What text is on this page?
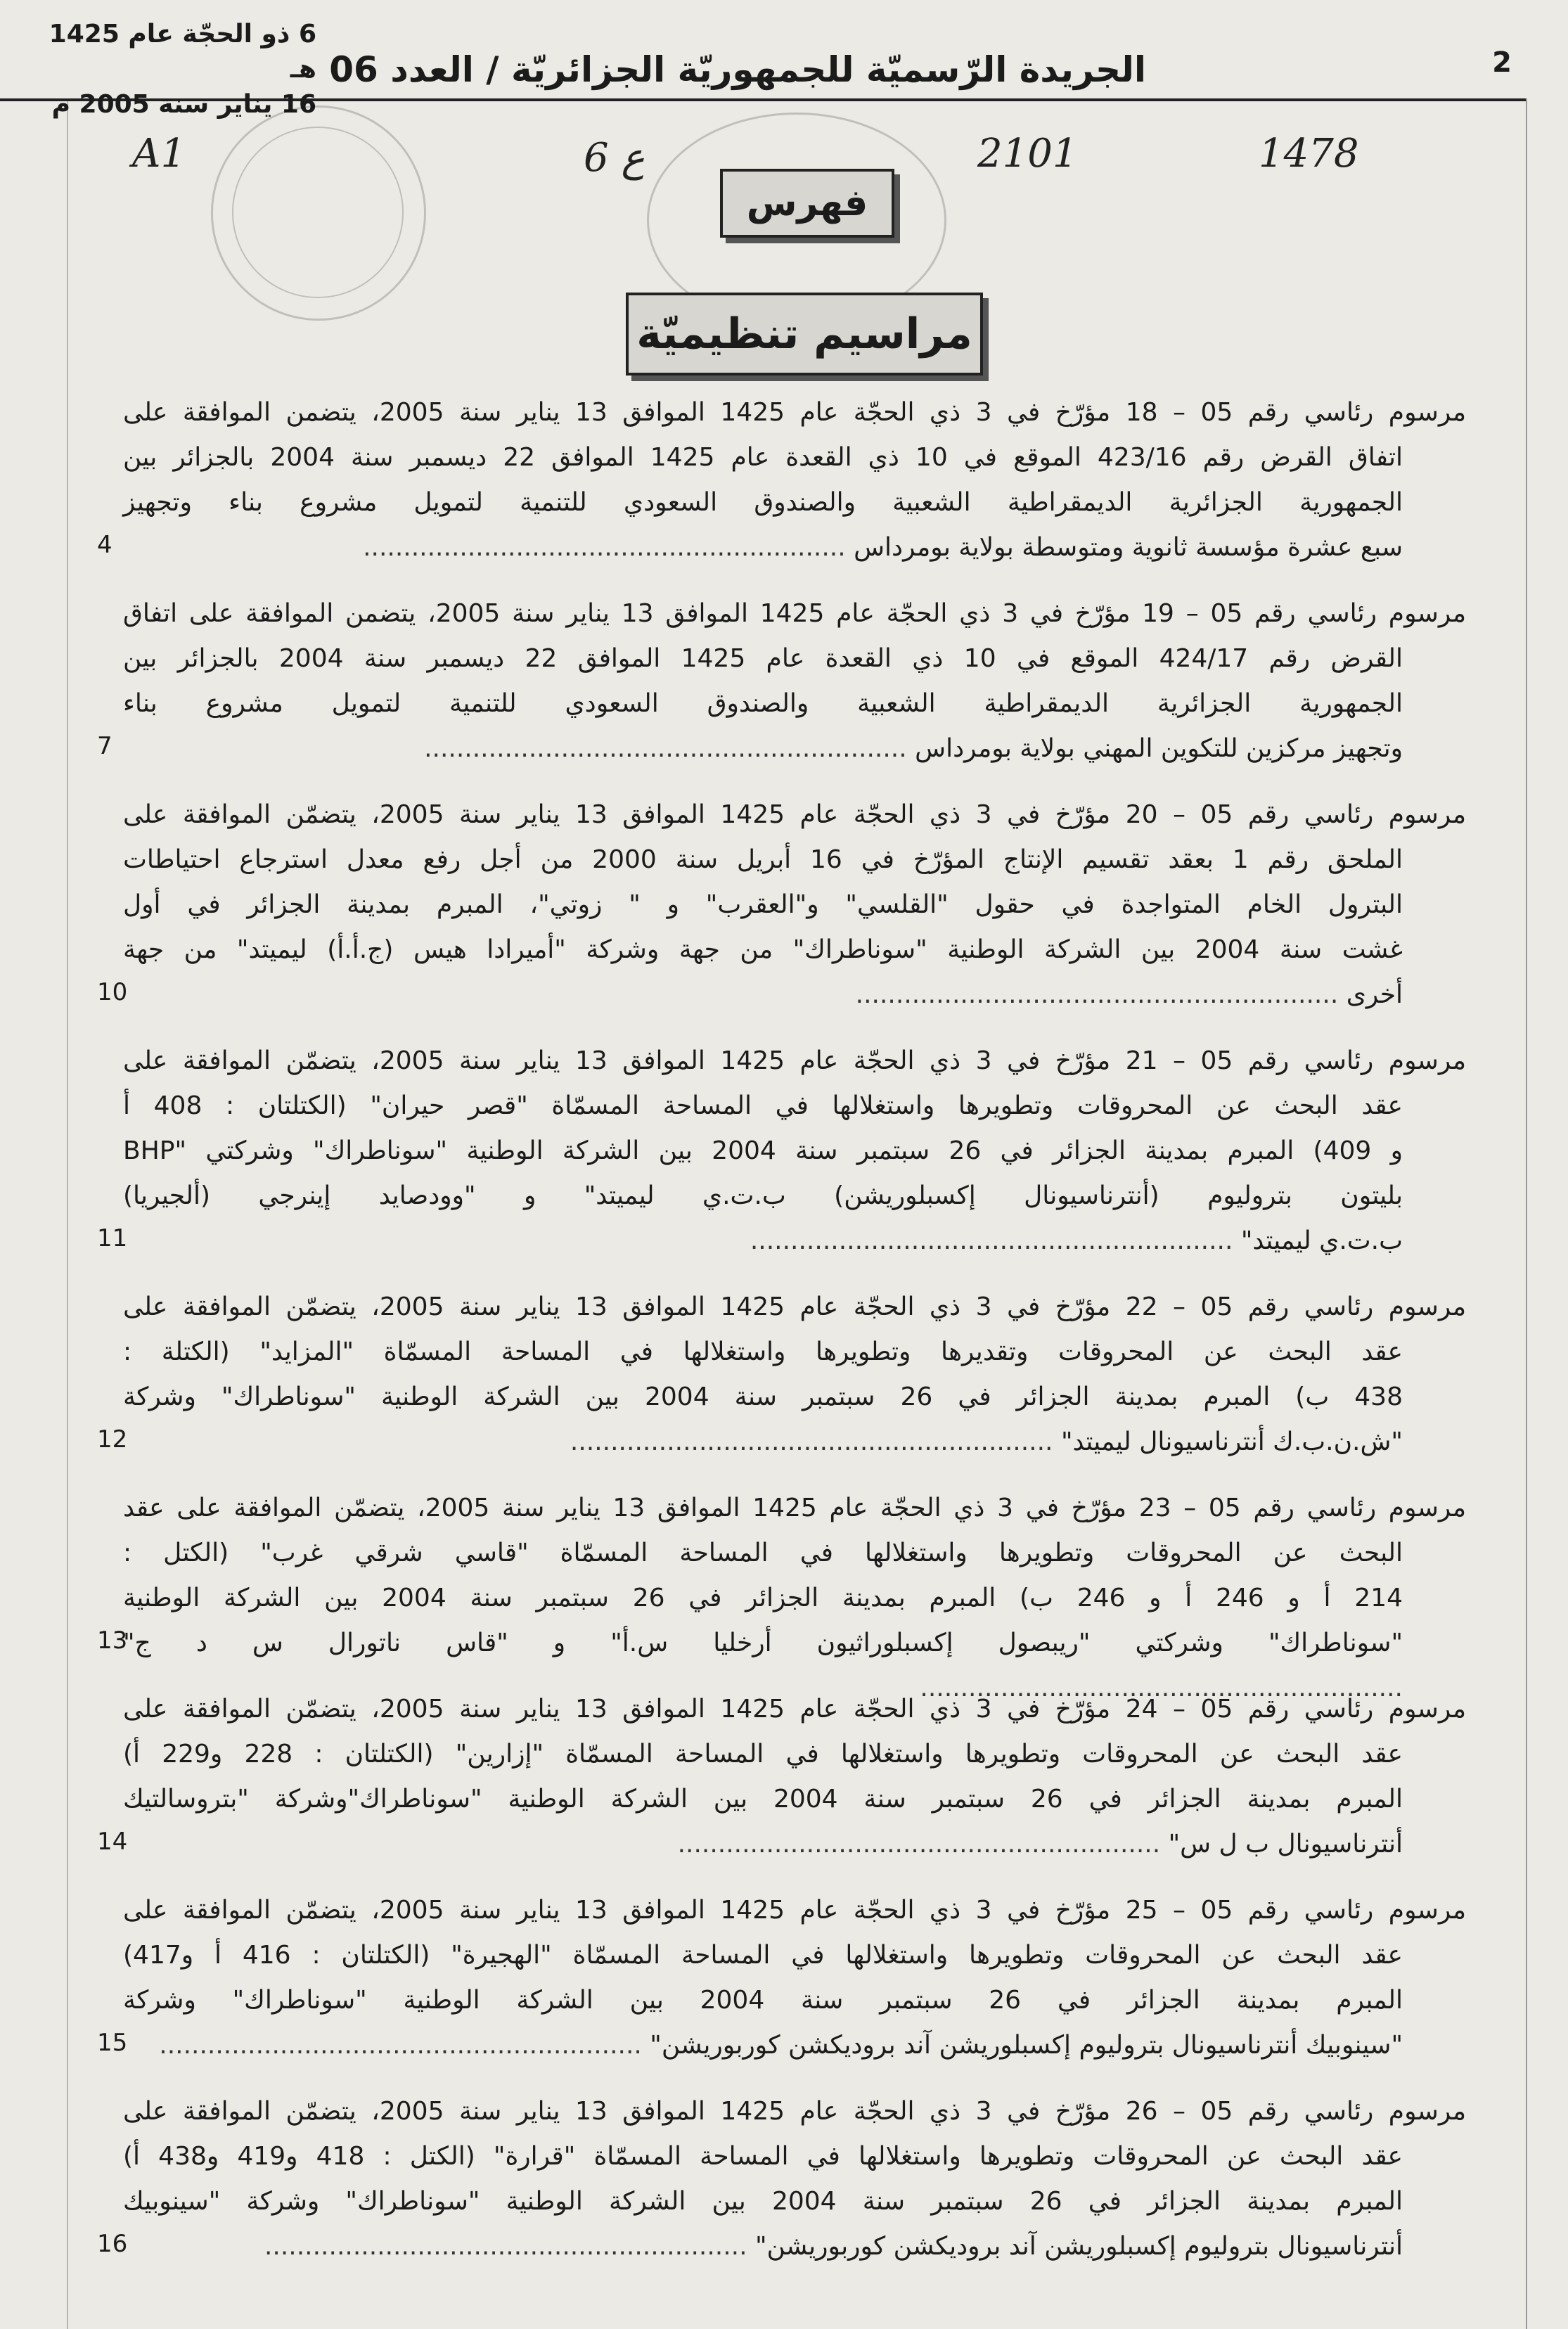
2
الجريدة الرّسميّة للجمهوريّة الجزائريّة / العدد 06
6 ذو الحجّة عام 1425 هـ
16 يناير سنة 2005 م
A1	6 ع	2101	1478
فهرس
مراسيم تنظيميّة
مرسوم رئاسي رقم 05 – 18 مؤرّخ في 3 ذي الحجّة عام 1425 الموافق 13 يناير سنة 2005، يتضمن الموافقة على
اتفاق القرض رقم 423/16 الموقع في 10 ذي القعدة عام 1425 الموافق 22 ديسمبر سنة 2004 بالجزائر بين
الجمهورية الجزائرية الديمقراطية الشعبية والصندوق السعودي للتنمية لتمويل مشروع بناء وتجهيز
سبع عشرة مؤسسة ثانوية ومتوسطة بولاية بومرداس ............................................................
4
مرسوم رئاسي رقم 05 – 19 مؤرّخ في 3 ذي الحجّة عام 1425 الموافق 13 يناير سنة 2005، يتضمن الموافقة على اتفاق
القرض رقم 424/17 الموقع في 10 ذي القعدة عام 1425 الموافق 22 ديسمبر سنة 2004 بالجزائر بين
الجمهورية الجزائرية الديمقراطية الشعبية والصندوق السعودي للتنمية لتمويل مشروع بناء
وتجهيز مركزين للتكوين المهني بولاية بومرداس ............................................................
7
مرسوم رئاسي رقم 05 – 20 مؤرّخ في 3 ذي الحجّة عام 1425 الموافق 13 يناير سنة 2005، يتضمّن الموافقة على
الملحق رقم 1 بعقد تقسيم الإنتاج المؤرّخ في 16 أبريل سنة 2000 من أجل رفع معدل استرجاع احتياطات
البترول الخام المتواجدة في حقول "القلسي" و"العقرب" و " زوتي"، المبرم بمدينة الجزائر في أول
غشت سنة 2004 بين الشركة الوطنية "سوناطراك" من جهة وشركة "أميرادا هيس (ج.أ.أ) ليميتد" من جهة
أخرى ............................................................
10
مرسوم رئاسي رقم 05 – 21 مؤرّخ في 3 ذي الحجّة عام 1425 الموافق 13 يناير سنة 2005، يتضمّن الموافقة على
عقد البحث عن المحروقات وتطويرها واستغلالها في المساحة المسمّاة "قصر حيران" (الكتلتان : 408 أ
و 409) المبرم بمدينة الجزائر في 26 سبتمبر سنة 2004 بين الشركة الوطنية "سوناطراك" وشركتي "BHP
بليتون بتروليوم (أنترناسيونال إكسبلوريشن) ب.ت.ي ليميتد" و "وودصايد إينرجي (ألجيريا)
ب.ت.ي ليميتد" ............................................................
11
مرسوم رئاسي رقم 05 – 22 مؤرّخ في 3 ذي الحجّة عام 1425 الموافق 13 يناير سنة 2005، يتضمّن الموافقة على
عقد البحث عن المحروقات وتقديرها وتطويرها واستغلالها في المساحة المسمّاة "المزايد" (الكتلة :
438 ب) المبرم بمدينة الجزائر في 26 سبتمبر سنة 2004 بين الشركة الوطنية "سوناطراك" وشركة
"ش.ن.ب.ك أنترناسيونال ليميتد" ............................................................
12
مرسوم رئاسي رقم 05 – 23 مؤرّخ في 3 ذي الحجّة عام 1425 الموافق 13 يناير سنة 2005، يتضمّن الموافقة على عقد
البحث عن المحروقات وتطويرها واستغلالها في المساحة المسمّاة "قاسي شرقي غرب" (الكتل :
214 أ و 246 أ و 246 ب) المبرم بمدينة الجزائر في 26 سبتمبر سنة 2004 بين الشركة الوطنية
"سوناطراك" وشركتي "ريبصول إكسبلوراثيون أرخليا س.أ" و "قاس ناتورال س د ج" ............................................................
13
مرسوم رئاسي رقم 05 – 24 مؤرّخ في 3 ذي الحجّة عام 1425 الموافق 13 يناير سنة 2005، يتضمّن الموافقة على
عقد البحث عن المحروقات وتطويرها واستغلالها في المساحة المسمّاة "إزارين" (الكتلتان : 228 و229 أ)
المبرم بمدينة الجزائر في 26 سبتمبر سنة 2004 بين الشركة الوطنية "سوناطراك"وشركة "بتروسالتيك
أنترناسيونال ب ل س" ............................................................
14
مرسوم رئاسي رقم 05 – 25 مؤرّخ في 3 ذي الحجّة عام 1425 الموافق 13 يناير سنة 2005، يتضمّن الموافقة على
عقد البحث عن المحروقات وتطويرها واستغلالها في المساحة المسمّاة "الهجيرة" (الكتلتان : 416 أ و417)
المبرم بمدينة الجزائر في 26 سبتمبر سنة 2004 بين الشركة الوطنية "سوناطراك" وشركة
"سينوبيك أنترناسيونال بتروليوم إكسبلوريشن آند بروديكشن كوربوريشن" ............................................................
15
مرسوم رئاسي رقم 05 – 26 مؤرّخ في 3 ذي الحجّة عام 1425 الموافق 13 يناير سنة 2005، يتضمّن الموافقة على
عقد البحث عن المحروقات وتطويرها واستغلالها في المساحة المسمّاة "قرارة" (الكتل : 418 و419 و438 أ)
المبرم بمدينة الجزائر في 26 سبتمبر سنة 2004 بين الشركة الوطنية "سوناطراك" وشركة "سينوبيك
أنترناسيونال بتروليوم إكسبلوريشن آند بروديكشن كوربوريشن" ............................................................
16
